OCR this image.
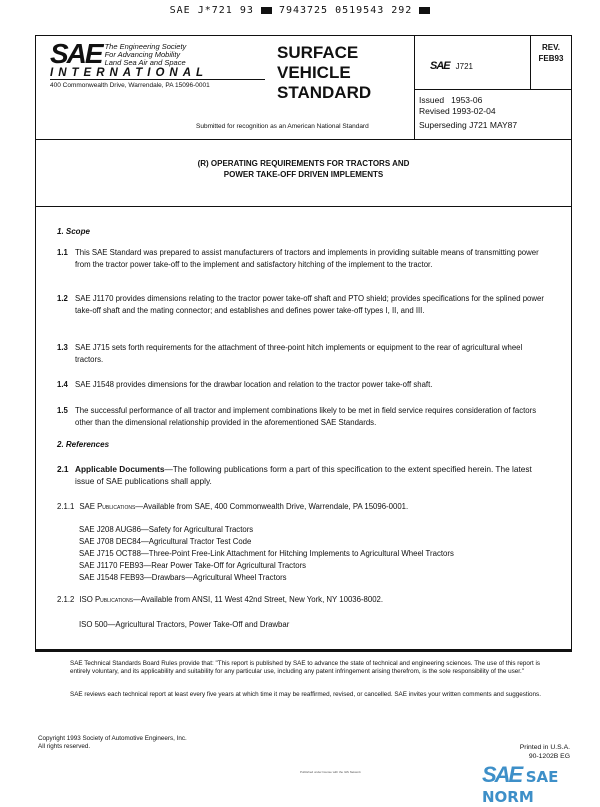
SAE J*721 93	7943725 0519543 292
SAE The Engineering Society
For Advancing Mobility
Land Sea Air and Space
INTERNATIONAL
400 Commonwealth Drive, Warrendale, PA 15096-0001
SURFACE
VEHICLE
STANDARD
Submitted for recognition as an American National Standard
SAE J721
REV.
FEB93
Issued   1953-06
Revised 1993-02-04
Superseding J721 MAY87
(R) OPERATING REQUIREMENTS FOR TRACTORS AND
POWER TAKE-OFF DRIVEN IMPLEMENTS
1. Scope
1.1 This SAE Standard was prepared to assist manufacturers of tractors and implements in providing suitable means of transmitting power from the tractor power take-off to the implement and satisfactory hitching of the implement to the tractor.
1.2 SAE J1170 provides dimensions relating to the tractor power take-off shaft and PTO shield; provides specifications for the splined power take-off shaft and the mating connector; and establishes and defines power take-off types I, II, and III.
1.3 SAE J715 sets forth requirements for the attachment of three-point hitch implements or equipment to the rear of agricultural wheel tractors.
1.4 SAE J1548 provides dimensions for the drawbar location and relation to the tractor power take-off shaft.
1.5 The successful performance of all tractor and implement combinations likely to be met in field service requires consideration of factors other than the dimensional relationship provided in the aforementioned SAE Standards.
2. References
2.1 Applicable Documents—The following publications form a part of this specification to the extent specified herein. The latest issue of SAE publications shall apply.
2.1.1 SAE Publications—Available from SAE, 400 Commonwealth Drive, Warrendale, PA 15096-0001.
SAE J208 AUG86—Safety for Agricultural Tractors
SAE J708 DEC84—Agricultural Tractor Test Code
SAE J715 OCT88—Three-Point Free-Link Attachment for Hitching Implements to Agricultural Wheel Tractors
SAE J1170 FEB93—Rear Power Take-Off for Agricultural Tractors
SAE J1548 FEB93—Drawbars—Agricultural Wheel Tractors
2.1.2 ISO Publications—Available from ANSI, 11 West 42nd Street, New York, NY 10036-8002.
ISO 500—Agricultural Tractors, Power Take-Off and Drawbar
SAE Technical Standards Board Rules provide that: "This report is published by SAE to advance the state of technical and engineering sciences. The use of this report is entirely voluntary, and its applicability and suitability for any particular use, including any patent infringement arising therefrom, is the sole responsibility of the user."
SAE reviews each technical report at least every five years at which time it may be reaffirmed, revised, or cancelled. SAE invites your written comments and suggestions.
Copyright 1993 Society of Automotive Engineers, Inc.
All rights reserved.	Printed in U.S.A.
90-1202B EG
Published under license with the IHS Network	SAE SAE NORM
